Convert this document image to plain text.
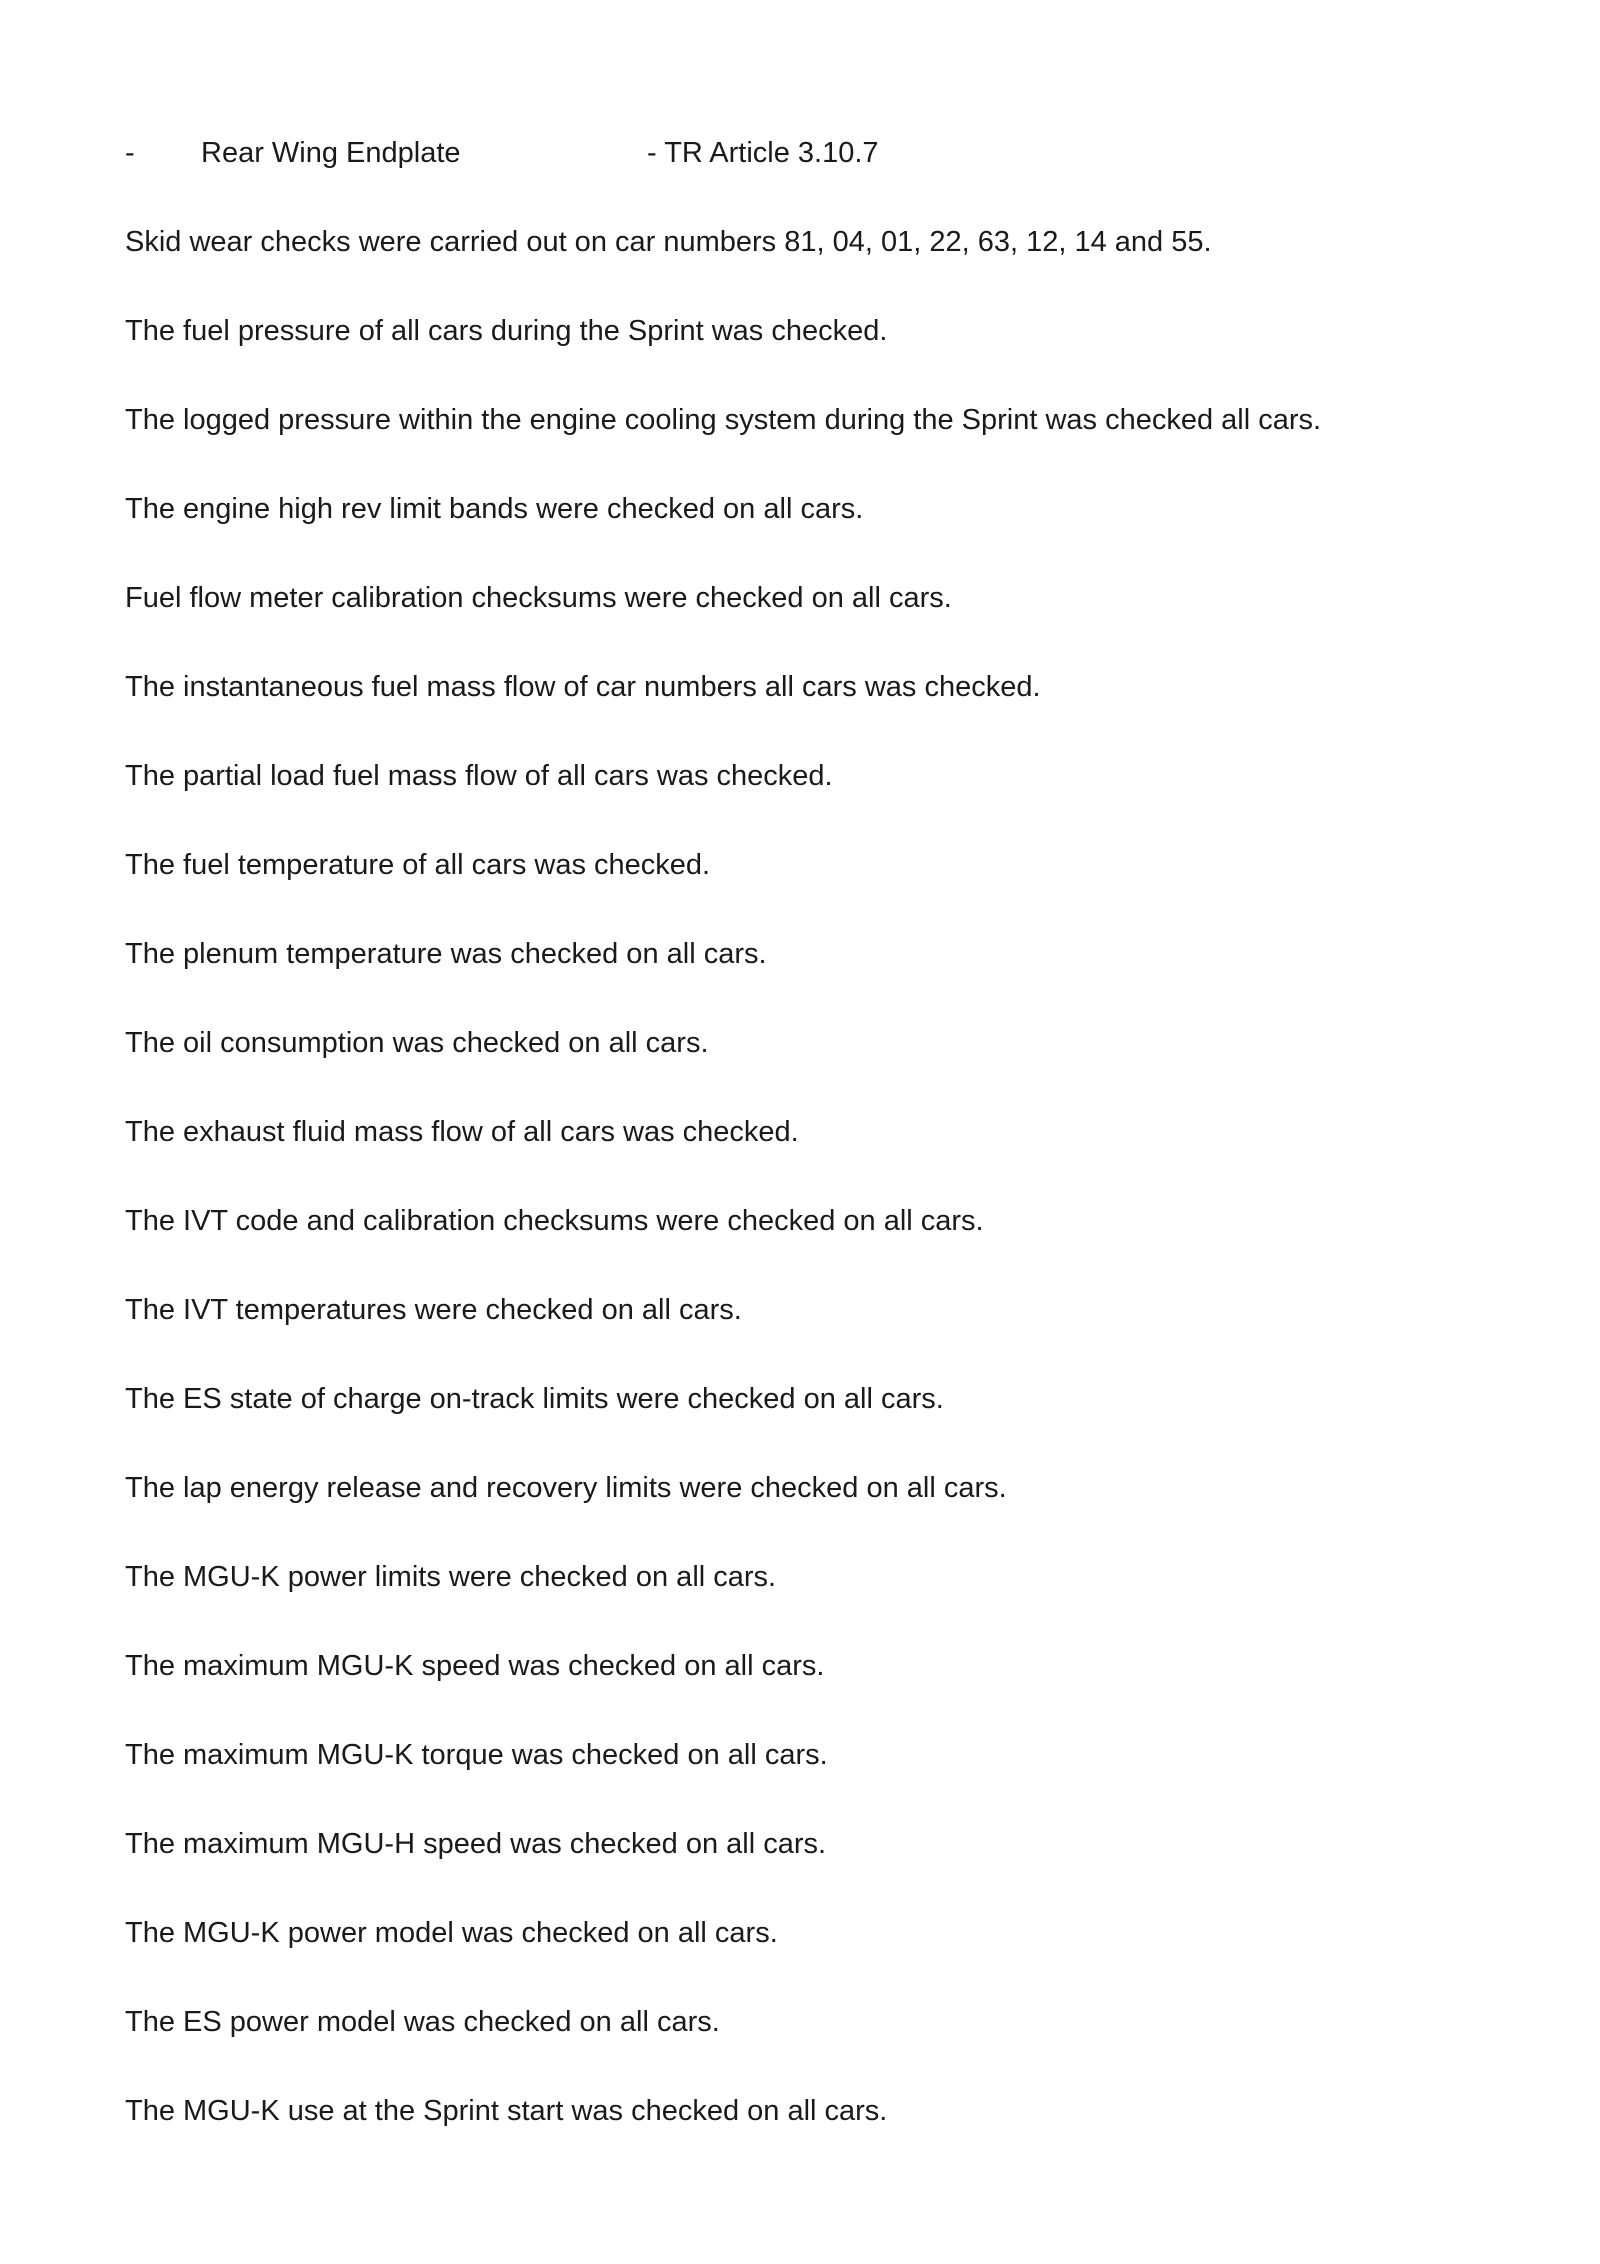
- Rear Wing Endplate	- TR Article 3.10.7

Skid wear checks were carried out on car numbers 81, 04, 01, 22, 63, 12, 14 and 55.

The fuel pressure of all cars during the Sprint was checked.

The logged pressure within the engine cooling system during the Sprint was checked all cars.

The engine high rev limit bands were checked on all cars.

Fuel flow meter calibration checksums were checked on all cars.

The instantaneous fuel mass flow of car numbers all cars was checked.

The partial load fuel mass flow of all cars was checked.

The fuel temperature of all cars was checked.

The plenum temperature was checked on all cars.

The oil consumption was checked on all cars.

The exhaust fluid mass flow of all cars was checked.

The IVT code and calibration checksums were checked on all cars.

The IVT temperatures were checked on all cars.

The ES state of charge on-track limits were checked on all cars.

The lap energy release and recovery limits were checked on all cars.

The MGU-K power limits were checked on all cars.

The maximum MGU-K speed was checked on all cars.

The maximum MGU-K torque was checked on all cars.

The maximum MGU-H speed was checked on all cars.

The MGU-K power model was checked on all cars.

The ES power model was checked on all cars.

The MGU-K use at the Sprint start was checked on all cars.
